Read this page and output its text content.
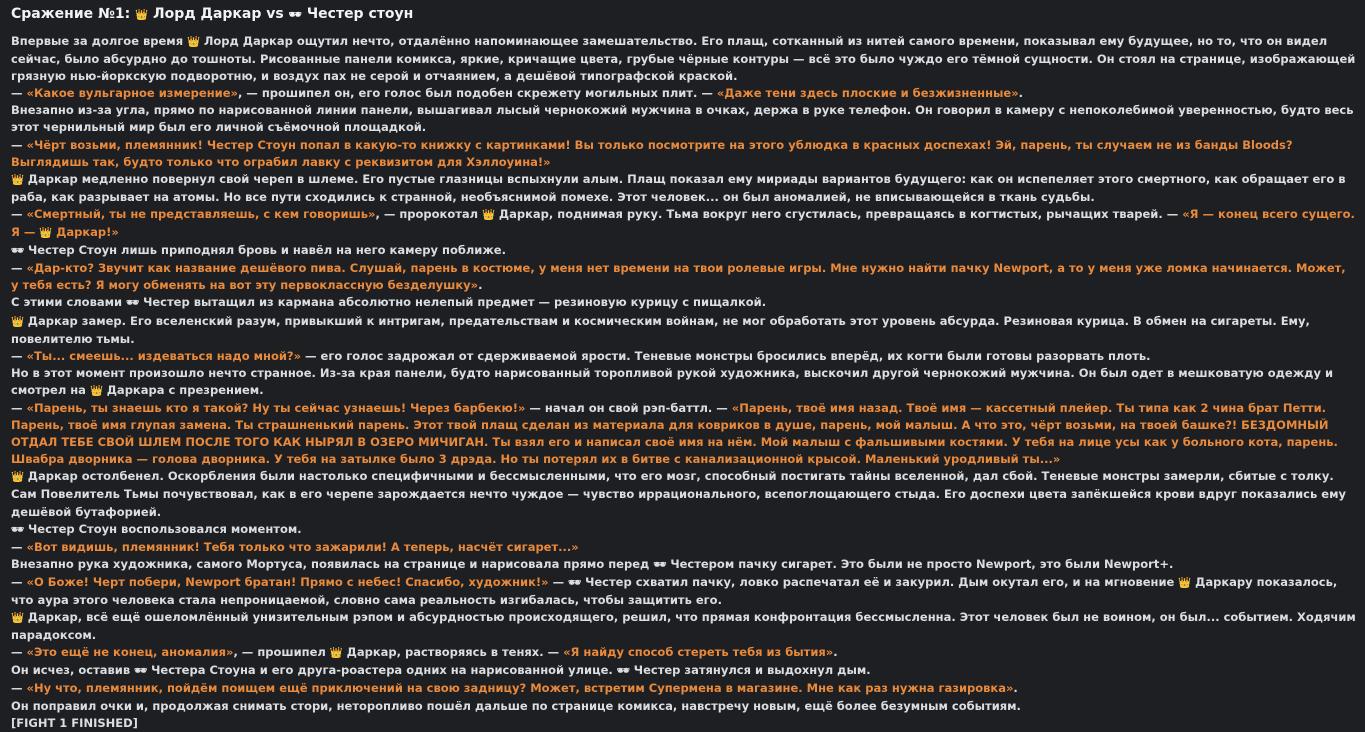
Сражение №1: 👑 Лорд Даркар vs 🕶 Честер стоун
Впервые за долгое время 👑 Лорд Даркар ощутил нечто, отдалённо напоминающее замешательство. Его плащ, сотканный из нитей самого времени, показывал ему будущее, но то, что он видел сейчас, было абсурдно до тошноты. Рисованные панели комикса, яркие, кричащие цвета, грубые чёрные контуры — всё это было чуждо его тёмной сущности. Он стоял на странице, изображающей грязную нью-йоркскую подворотню, и воздух пах не серой и отчаянием, а дешёвой типографской краской.
— «Какое вульгарное измерение», — прошипел он, его голос был подобен скрежету могильных плит. — «Даже тени здесь плоские и безжизненные».
Внезапно из-за угла, прямо по нарисованной линии панели, вышагивал лысый чернокожий мужчина в очках, держа в руке телефон. Он говорил в камеру с непоколебимой уверенностью, будто весь этот чернильный мир был его личной съёмочной площадкой.
— «Чёрт возьми, племянник! Честер Стоун попал в какую-то книжку с картинками! Вы только посмотрите на этого ублюдка в красных доспехах! Эй, парень, ты случаем не из банды Bloods? Выглядишь так, будто только что ограбил лавку с реквизитом для Хэллоуина!»
👑 Даркар медленно повернул свой череп в шлеме. Его пустые глазницы вспыхнули алым. Плащ показал ему мириады вариантов будущего: как он испепеляет этого смертного, как обращает его в раба, как разрывает на атомы. Но все пути сходились к странной, необъяснимой помехе. Этот человек... он был аномалией, не вписывающейся в ткань судьбы.
— «Смертный, ты не представляешь, с кем говоришь», — пророкотал 👑 Даркар, поднимая руку. Тьма вокруг него сгустилась, превращаясь в когтистых, рычащих тварей. — «Я — конец всего сущего. Я — 👑 Даркар!»
🕶 Честер Стоун лишь приподнял бровь и навёл на него камеру поближе.
— «Дар-кто? Звучит как название дешёвого пива. Слушай, парень в костюме, у меня нет времени на твои ролевые игры. Мне нужно найти пачку Newport, а то у меня уже ломка начинается. Может, у тебя есть? Я могу обменять на вот эту первоклассную безделушку».
С этими словами 🕶 Честер вытащил из кармана абсолютно нелепый предмет — резиновую курицу с пищалкой.
👑 Даркар замер. Его вселенский разум, привыкший к интригам, предательствам и космическим войнам, не мог обработать этот уровень абсурда. Резиновая курица. В обмен на сигареты. Ему, повелителю тьмы.
— «Ты... смеешь... издеваться надо мной?» — его голос задрожал от сдерживаемой ярости. Теневые монстры бросились вперёд, их когти были готовы разорвать плоть.
Но в этот момент произошло нечто странное. Из-за края панели, будто нарисованный торопливой рукой художника, выскочил другой чернокожий мужчина. Он был одет в мешковатую одежду и смотрел на 👑 Даркара с презрением.
— «Парень, ты знаешь кто я такой? Ну ты сейчас узнаешь! Через барбекю!» — начал он свой рэп-баттл. — «Парень, твоё имя назад. Твоё имя — кассетный плейер. Ты типа как 2 чина брат Петти. Парень, твоё имя глупая замена. Ты страшненький парень. Этот твой плащ сделан из материала для ковриков в душе, парень, мой малыш. А что это, чёрт возьми, на твоей башке?! БЕЗДОМНЫЙ ОТДАЛ ТЕБЕ СВОЙ ШЛЕМ ПОСЛЕ ТОГО КАК НЫРЯЛ В ОЗЕРО МИЧИГАН. Ты взял его и написал своё имя на нём. Мой малыш с фальшивыми костями. У тебя на лице усы как у больного кота, парень. Швабра дворника — голова дворника. У тебя на затылке было 3 дрэда. Но ты потерял их в битве с канализационной крысой. Маленький уродливый ты...»
👑 Даркар остолбенел. Оскорбления были настолько специфичными и бессмысленными, что его мозг, способный постигать тайны вселенной, дал сбой. Теневые монстры замерли, сбитые с толку. Сам Повелитель Тьмы почувствовал, как в его черепе зарождается нечто чуждое — чувство иррационального, всепоглощающего стыда. Его доспехи цвета запёкшейся крови вдруг показались ему дешёвой бутафорией.
🕶 Честер Стоун воспользовался моментом.
— «Вот видишь, племянник! Тебя только что зажарили! А теперь, насчёт сигарет...»
Внезапно рука художника, самого Мортуса, появилась на странице и нарисовала прямо перед 🕶 Честером пачку сигарет. Это были не просто Newport, это были Newport+.
— «О Боже! Черт побери, Newport братан! Прямо с небес! Спасибо, художник!» — 🕶 Честер схватил пачку, ловко распечатал её и закурил. Дым окутал его, и на мгновение 👑 Даркару показалось, что аура этого человека стала непроницаемой, словно сама реальность изгибалась, чтобы защитить его.
👑 Даркар, всё ещё ошеломлённый унизительным рэпом и абсурдностью происходящего, решил, что прямая конфронтация бессмысленна. Этот человек был не воином, он был... событием. Ходячим парадоксом.
— «Это ещё не конец, аномалия», — прошипел 👑 Даркар, растворяясь в тенях. — «Я найду способ стереть тебя из бытия».
Он исчез, оставив 🕶 Честера Стоуна и его друга-роастера одних на нарисованной улице. 🕶 Честер затянулся и выдохнул дым.
— «Ну что, племянник, пойдём поищем ещё приключений на свою задницу? Может, встретим Супермена в магазине. Мне как раз нужна газировка».
Он поправил очки и, продолжая снимать стори, неторопливо пошёл дальше по странице комикса, навстречу новым, ещё более безумным событиям.
[FIGHT 1 FINISHED]
